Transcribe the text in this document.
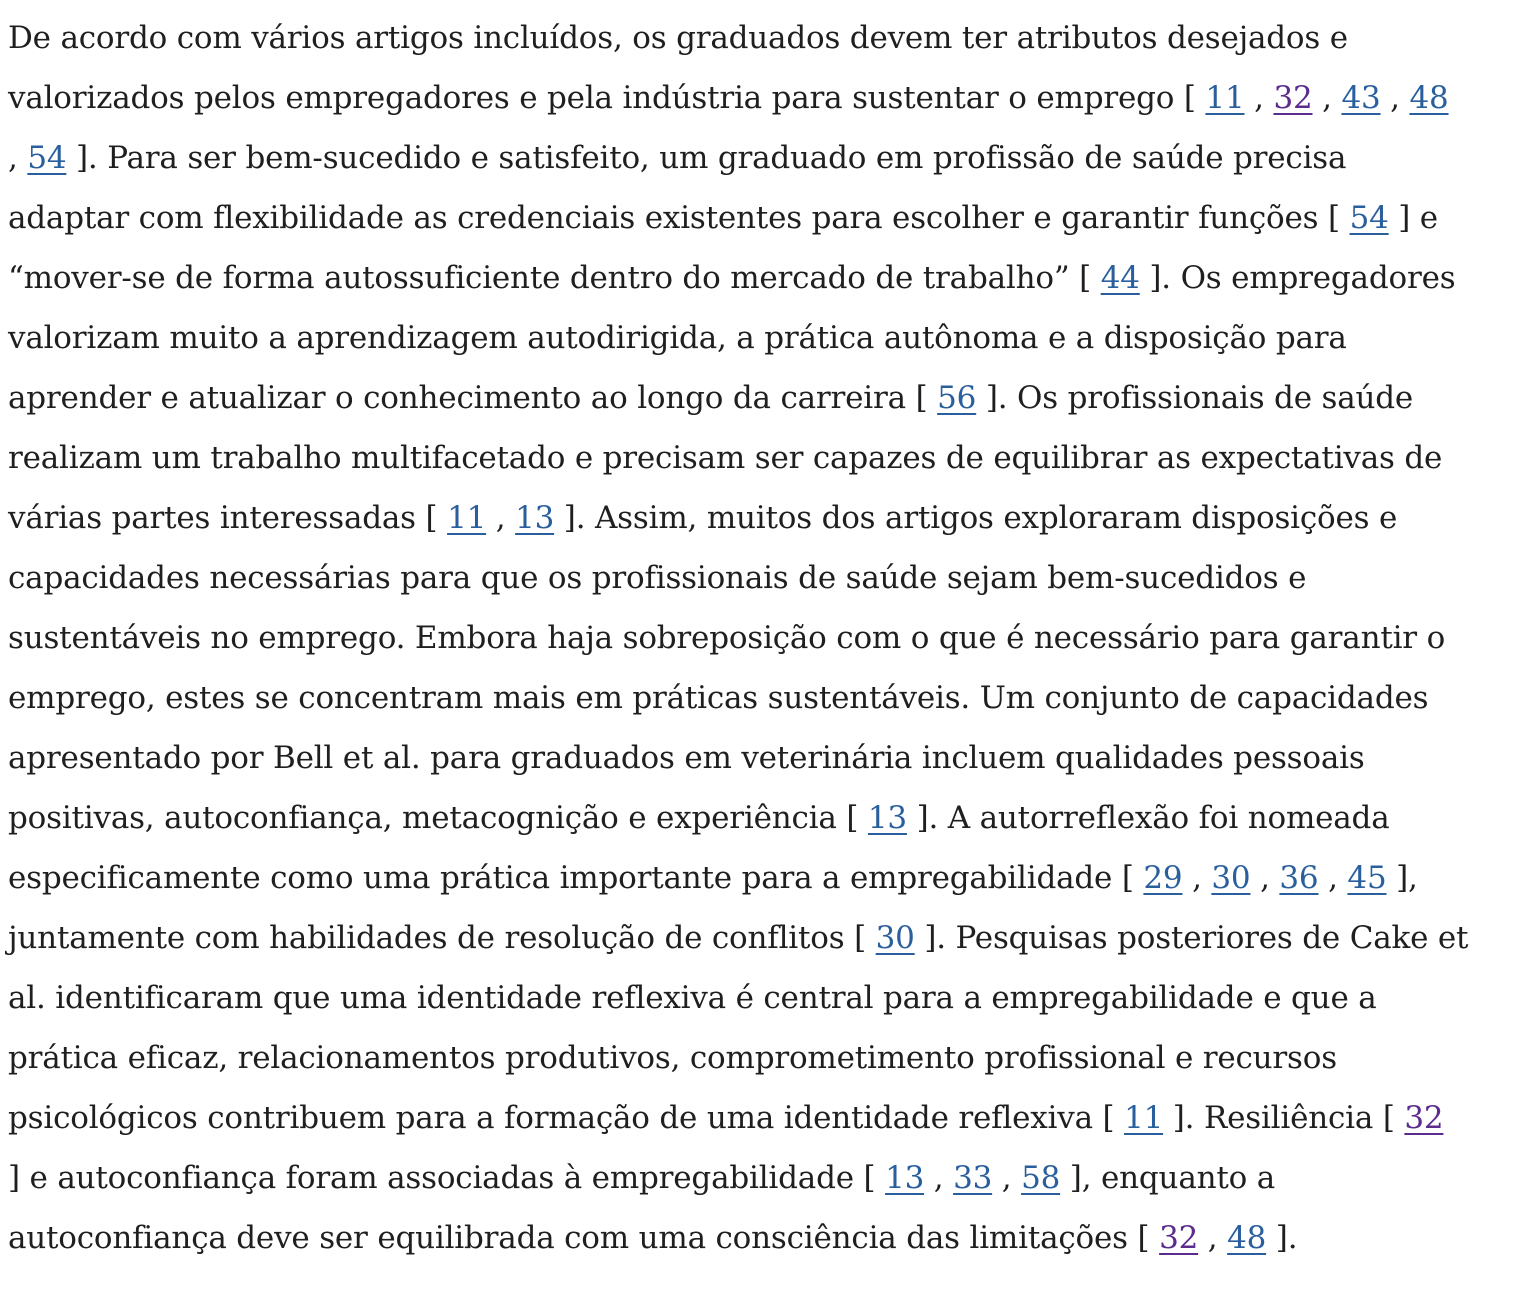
De acordo com vários artigos incluídos, os graduados devem ter atributos desejados e
valorizados pelos empregadores e pela indústria para sustentar o emprego [ 11 , 32 , 43 , 48
, 54 ]. Para ser bem-sucedido e satisfeito, um graduado em profissão de saúde precisa
adaptar com flexibilidade as credenciais existentes para escolher e garantir funções [ 54 ] e
“mover-se de forma autossuficiente dentro do mercado de trabalho” [ 44 ]. Os empregadores
valorizam muito a aprendizagem autodirigida, a prática autônoma e a disposição para
aprender e atualizar o conhecimento ao longo da carreira [ 56 ]. Os profissionais de saúde
realizam um trabalho multifacetado e precisam ser capazes de equilibrar as expectativas de
várias partes interessadas [ 11 , 13 ]. Assim, muitos dos artigos exploraram disposições e
capacidades necessárias para que os profissionais de saúde sejam bem-sucedidos e
sustentáveis no emprego. Embora haja sobreposição com o que é necessário para garantir o
emprego, estes se concentram mais em práticas sustentáveis. Um conjunto de capacidades
apresentado por Bell et al. para graduados em veterinária incluem qualidades pessoais
positivas, autoconfiança, metacognição e experiência [ 13 ]. A autorreflexão foi nomeada
especificamente como uma prática importante para a empregabilidade [ 29 , 30 , 36 , 45 ],
juntamente com habilidades de resolução de conflitos [ 30 ]. Pesquisas posteriores de Cake et
al. identificaram que uma identidade reflexiva é central para a empregabilidade e que a
prática eficaz, relacionamentos produtivos, comprometimento profissional e recursos
psicológicos contribuem para a formação de uma identidade reflexiva [ 11 ]. Resiliência [ 32
] e autoconfiança foram associadas à empregabilidade [ 13 , 33 , 58 ], enquanto a
autoconfiança deve ser equilibrada com uma consciência das limitações [ 32 , 48 ].
